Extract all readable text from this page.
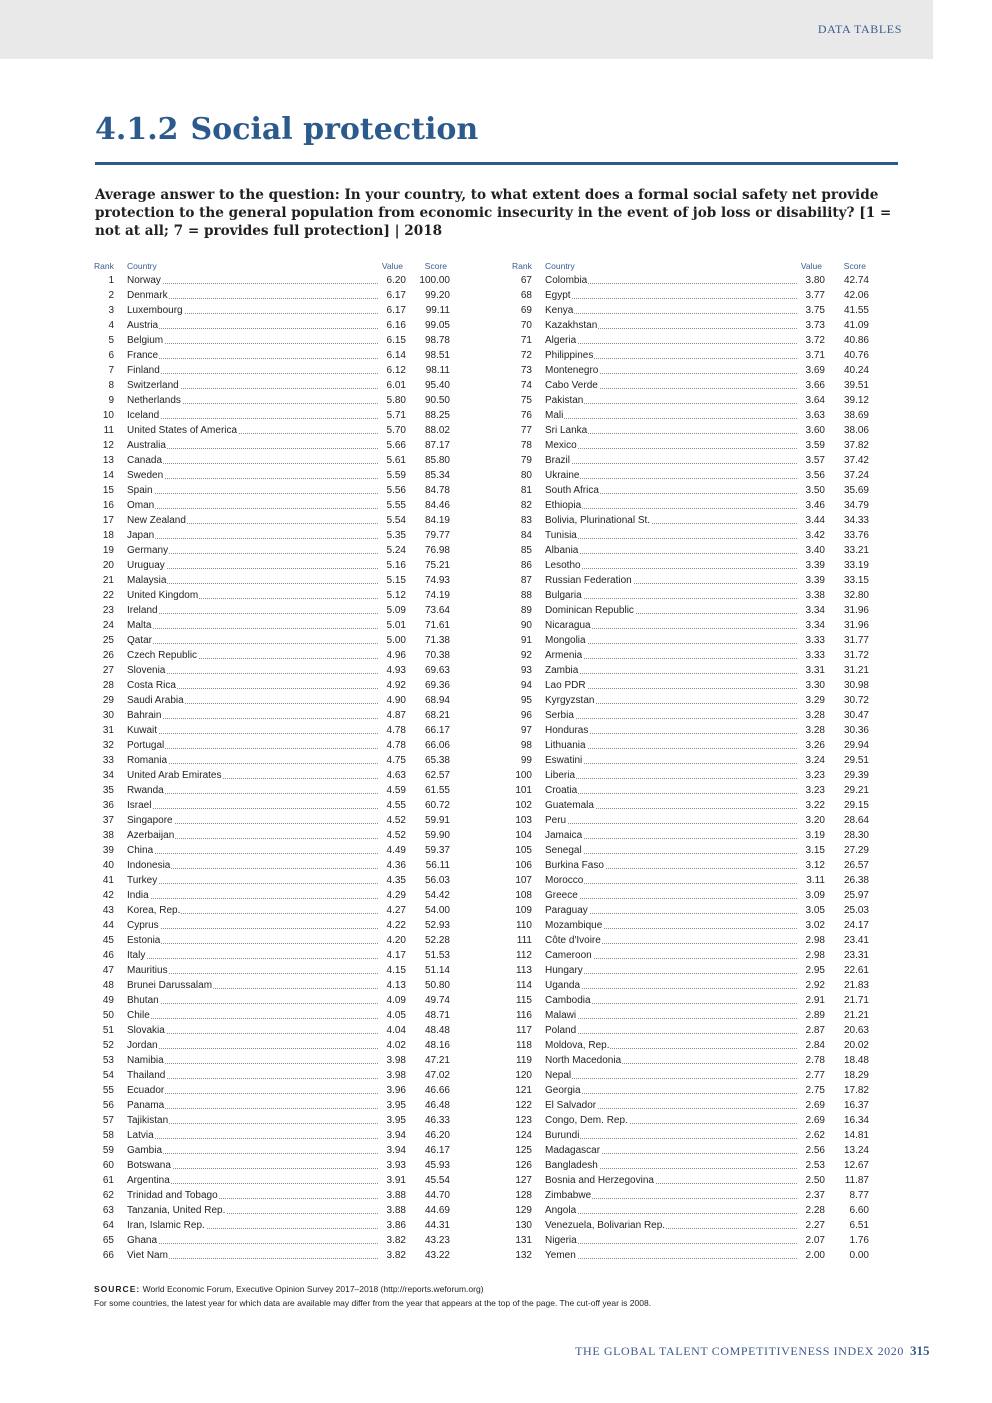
DATA TABLES
4.1.2 Social protection

Average answer to the question: In your country, to what extent does a formal social safety net provide protection to the general population from economic insecurity in the event of job loss or disability? [1 = not at all; 7 = provides full protection] | 2018

Rank Country	Value	Score
1 Norway	6.20	100.00
2 Denmark	6.17	99.20
3 Luxembourg	6.17	99.11
4 Austria	6.16	99.05
5 Belgium	6.15	98.78
6 France	6.14	98.51
7 Finland	6.12	98.11
8 Switzerland	6.01	95.40
9 Netherlands	5.80	90.50
10 Iceland	5.71	88.25
11 United States of America	5.70	88.02
12 Australia	5.66	87.17
13 Canada	5.61	85.80
14 Sweden	5.59	85.34
15 Spain	5.56	84.78
16 Oman	5.55	84.46
17 New Zealand	5.54	84.19
18 Japan	5.35	79.77
19 Germany	5.24	76.98
20 Uruguay	5.16	75.21
21 Malaysia	5.15	74.93
22 United Kingdom	5.12	74.19
23 Ireland	5.09	73.64
24 Malta	5.01	71.61
25 Qatar	5.00	71.38
26 Czech Republic	4.96	70.38
27 Slovenia	4.93	69.63
28 Costa Rica	4.92	69.36
29 Saudi Arabia	4.90	68.94
30 Bahrain	4.87	68.21
31 Kuwait	4.78	66.17
32 Portugal	4.78	66.06
33 Romania	4.75	65.38
34 United Arab Emirates	4.63	62.57
35 Rwanda	4.59	61.55
36 Israel	4.55	60.72
37 Singapore	4.52	59.91
38 Azerbaijan	4.52	59.90
39 China	4.49	59.37
40 Indonesia	4.36	56.11
41 Turkey	4.35	56.03
42 India	4.29	54.42
43 Korea, Rep.	4.27	54.00
44 Cyprus	4.22	52.93
45 Estonia	4.20	52.28
46 Italy	4.17	51.53
47 Mauritius	4.15	51.14
48 Brunei Darussalam	4.13	50.80
49 Bhutan	4.09	49.74
50 Chile	4.05	48.71
51 Slovakia	4.04	48.48
52 Jordan	4.02	48.16
53 Namibia	3.98	47.21
54 Thailand	3.98	47.02
55 Ecuador	3.96	46.66
56 Panama	3.95	46.48
57 Tajikistan	3.95	46.33
58 Latvia	3.94	46.20
59 Gambia	3.94	46.17
60 Botswana	3.93	45.93
61 Argentina	3.91	45.54
62 Trinidad and Tobago	3.88	44.70
63 Tanzania, United Rep.	3.88	44.69
64 Iran, Islamic Rep.	3.86	44.31
65 Ghana	3.82	43.23
66 Viet Nam	3.82	43.22
Rank Country	Value	Score
67 Colombia	3.80	42.74
68 Egypt	3.77	42.06
69 Kenya	3.75	41.55
70 Kazakhstan	3.73	41.09
71 Algeria	3.72	40.86
72 Philippines	3.71	40.76
73 Montenegro	3.69	40.24
74 Cabo Verde	3.66	39.51
75 Pakistan	3.64	39.12
76 Mali	3.63	38.69
77 Sri Lanka	3.60	38.06
78 Mexico	3.59	37.82
79 Brazil	3.57	37.42
80 Ukraine	3.56	37.24
81 South Africa	3.50	35.69
82 Ethiopia	3.46	34.79
83 Bolivia, Plurinational St.	3.44	34.33
84 Tunisia	3.42	33.76
85 Albania	3.40	33.21
86 Lesotho	3.39	33.19
87 Russian Federation	3.39	33.15
88 Bulgaria	3.38	32.80
89 Dominican Republic	3.34	31.96
90 Nicaragua	3.34	31.96
91 Mongolia	3.33	31.77
92 Armenia	3.33	31.72
93 Zambia	3.31	31.21
94 Lao PDR	3.30	30.98
95 Kyrgyzstan	3.29	30.72
96 Serbia	3.28	30.47
97 Honduras	3.28	30.36
98 Lithuania	3.26	29.94
99 Eswatini	3.24	29.51
100 Liberia	3.23	29.39
101 Croatia	3.23	29.21
102 Guatemala	3.22	29.15
103 Peru	3.20	28.64
104 Jamaica	3.19	28.30
105 Senegal	3.15	27.29
106 Burkina Faso	3.12	26.57
107 Morocco	3.11	26.38
108 Greece	3.09	25.97
109 Paraguay	3.05	25.03
110 Mozambique	3.02	24.17
111 Côte d'Ivoire	2.98	23.41
112 Cameroon	2.98	23.31
113 Hungary	2.95	22.61
114 Uganda	2.92	21.83
115 Cambodia	2.91	21.71
116 Malawi	2.89	21.21
117 Poland	2.87	20.63
118 Moldova, Rep.	2.84	20.02
119 North Macedonia	2.78	18.48
120 Nepal	2.77	18.29
121 Georgia	2.75	17.82
122 El Salvador	2.69	16.37
123 Congo, Dem. Rep.	2.69	16.34
124 Burundi	2.62	14.81
125 Madagascar	2.56	13.24
126 Bangladesh	2.53	12.67
127 Bosnia and Herzegovina	2.50	11.87
128 Zimbabwe	2.37	8.77
129 Angola	2.28	6.60
130 Venezuela, Bolivarian Rep.	2.27	6.51
131 Nigeria	2.07	1.76
132 Yemen	2.00	0.00

SOURCE: World Economic Forum, Executive Opinion Survey 2017–2018 (http://reports.weforum.org)

For some countries, the latest year for which data are available may differ from the year that appears at the top of the page. The cut-off year is 2008.

THE GLOBAL TALENT COMPETITIVENESS INDEX 2020 315
